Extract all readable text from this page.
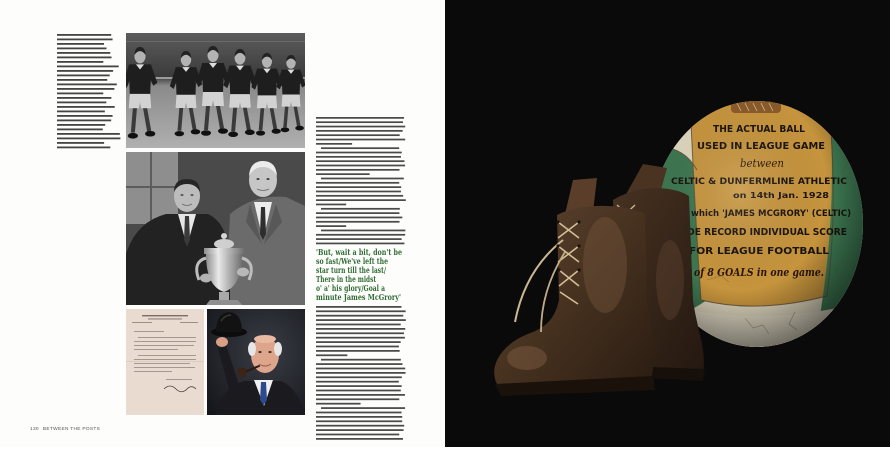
'But, wait a bit, don't be
so fast/We've left the
star turn till the last/
There in the midst
o' a' his glory/Goal a
minute James McGrory'
130 BETWEEN THE POSTS
